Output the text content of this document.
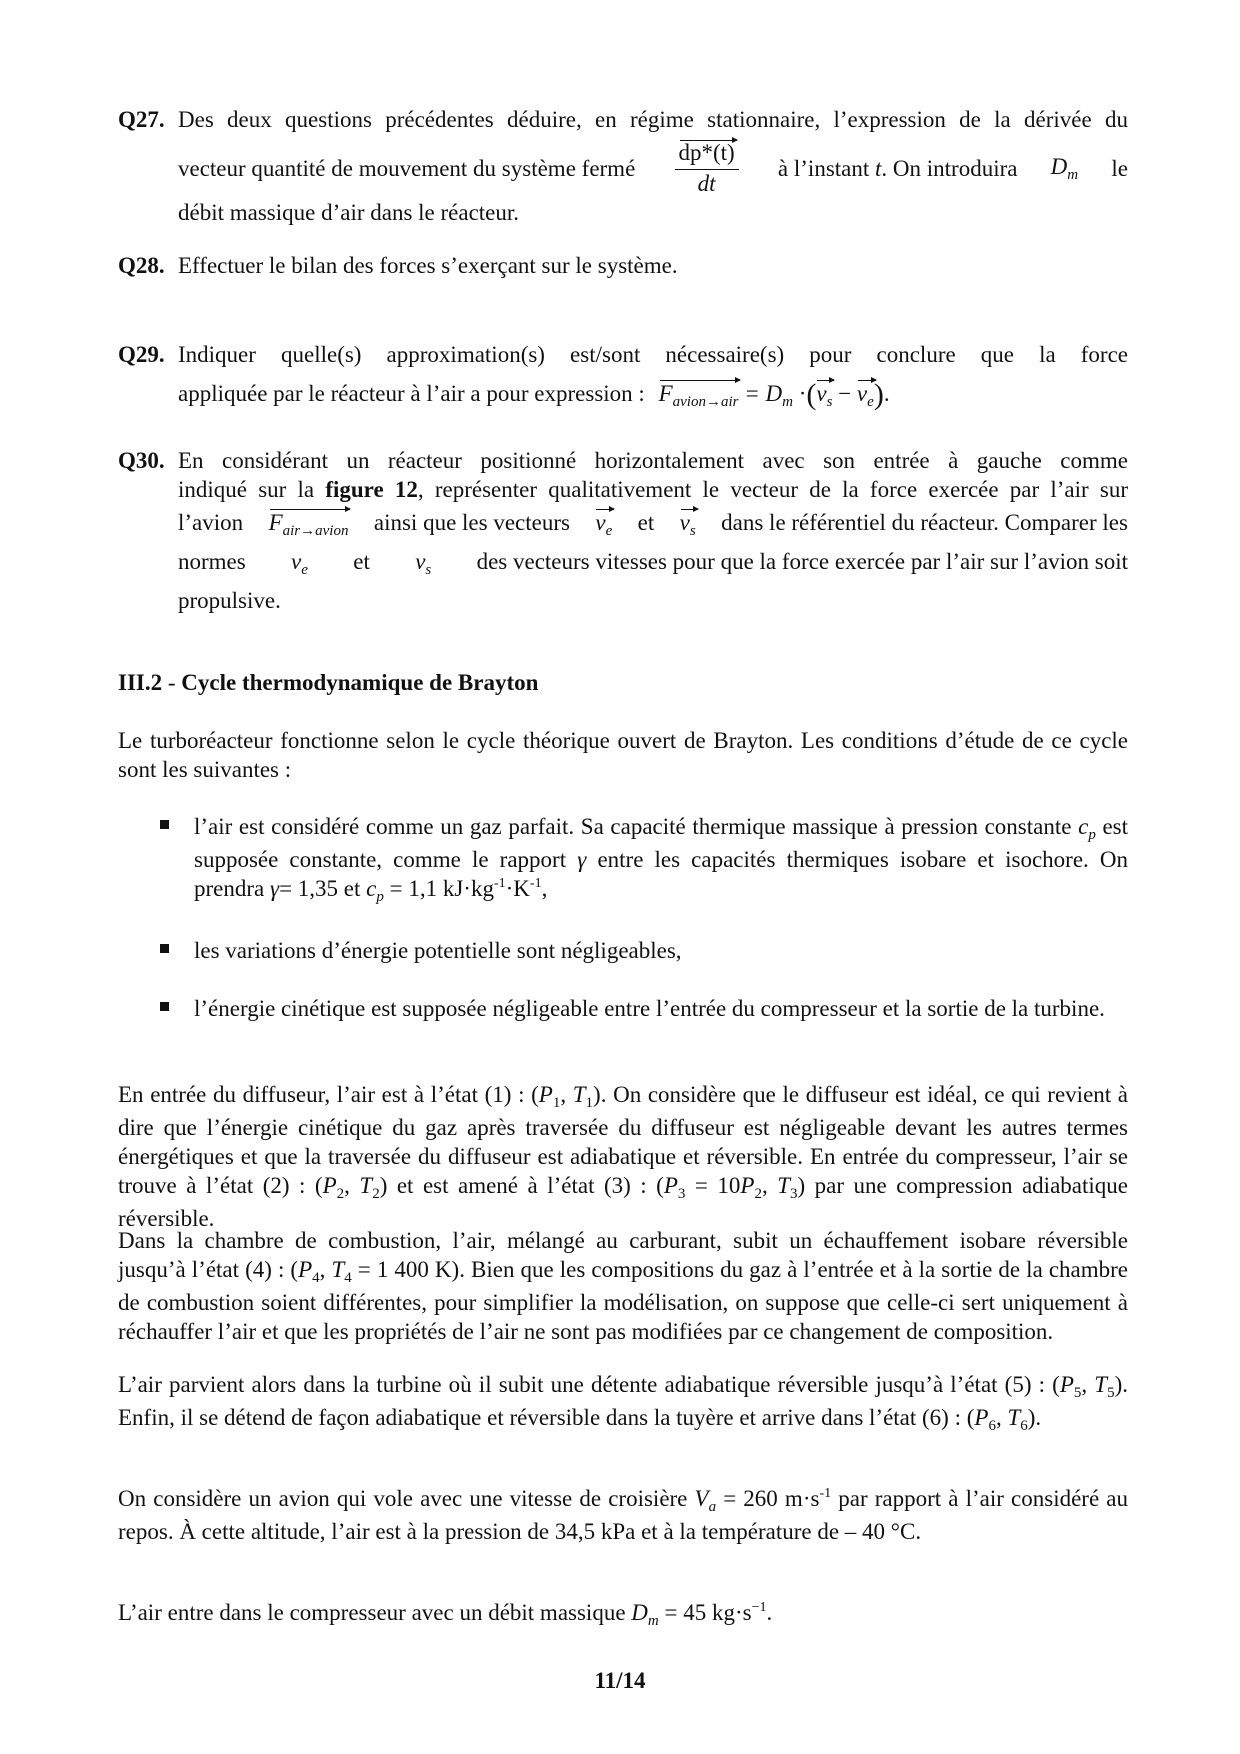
Q27. Des deux questions précédentes déduire, en régime stationnaire, l’expression de la dérivée du
vecteur quantité de mouvement du système fermé $\frac{dp*(t)}{dt}$ à l’instant t. On introduira $D_m$ le
débit massique d’air dans le réacteur.
Q28. Effectuer le bilan des forces s’exerçant sur le système.
Q29. Indiquer quelle(s) approximation(s) est/sont nécessaire(s) pour conclure que la force
appliquée par le réacteur à l’air a pour expression : $F_{avion\to air} = D_m \cdot(v_s - v_e)$.
Q30. En considérant un réacteur positionné horizontalement avec son entrée à gauche comme
indiqué sur la figure 12, représenter qualitativement le vecteur de la force exercée par l’air sur
l’avion $F_{air\to avion}$ ainsi que les vecteurs $v_e$ et $v_s$ dans le référentiel du réacteur. Comparer les
normes $v_e$ et $v_s$ des vecteurs vitesses pour que la force exercée par l’air sur l’avion soit
propulsive.
III.2 - Cycle thermodynamique de Brayton
Le turboréacteur fonctionne selon le cycle théorique ouvert de Brayton. Les conditions d’étude de ce cycle sont les suivantes :
l’air est considéré comme un gaz parfait. Sa capacité thermique massique à pression constante $c_p$ est supposée constante, comme le rapport γ entre les capacités thermiques isobare et isochore. On prendra γ= 1,35 et $c_p = 1,1$ $kJ\cdot kg^{-1}\cdot K^{-1}$,
les variations d’énergie potentielle sont négligeables,
l’énergie cinétique est supposée négligeable entre l’entrée du compresseur et la sortie de la turbine.
En entrée du diffuseur, l’air est à l’état (1) : ($P_1$, $T_1$). On considère que le diffuseur est idéal, ce qui revient à dire que l’énergie cinétique du gaz après traversée du diffuseur est négligeable devant les autres termes énergétiques et que la traversée du diffuseur est adiabatique et réversible. En entrée du compresseur, l’air se trouve à l’état (2) : ($P_2$, $T_2$) et est amené à l’état (3) : ($P_3 = 10P_2$, $T_3$) par une compression adiabatique réversible.
Dans la chambre de combustion, l’air, mélangé au carburant, subit un échauffement isobare réversible jusqu’à l’état (4) : ($P_4$, $T_4 = 1$ 400 K). Bien que les compositions du gaz à l’entrée et à la sortie de la chambre de combustion soient différentes, pour simplifier la modélisation, on suppose que celle-ci sert uniquement à réchauffer l’air et que les propriétés de l’air ne sont pas modifiées par ce changement de composition.
L’air parvient alors dans la turbine où il subit une détente adiabatique réversible jusqu’à l’état (5) : ($P_5$, $T_5$). Enfin, il se détend de façon adiabatique et réversible dans la tuyère et arrive dans l’état (6) : ($P_6$, $T_6$).
On considère un avion qui vole avec une vitesse de croisière $V_a = 260$ $m\cdot s^{-1}$ par rapport à l’air considéré au repos. À cette altitude, l’air est à la pression de 34,5 kPa et à la température de – 40 °C.
L’air entre dans le compresseur avec un débit massique $D_m = 45$ $kg\cdot s^{-1}$.
11/14
